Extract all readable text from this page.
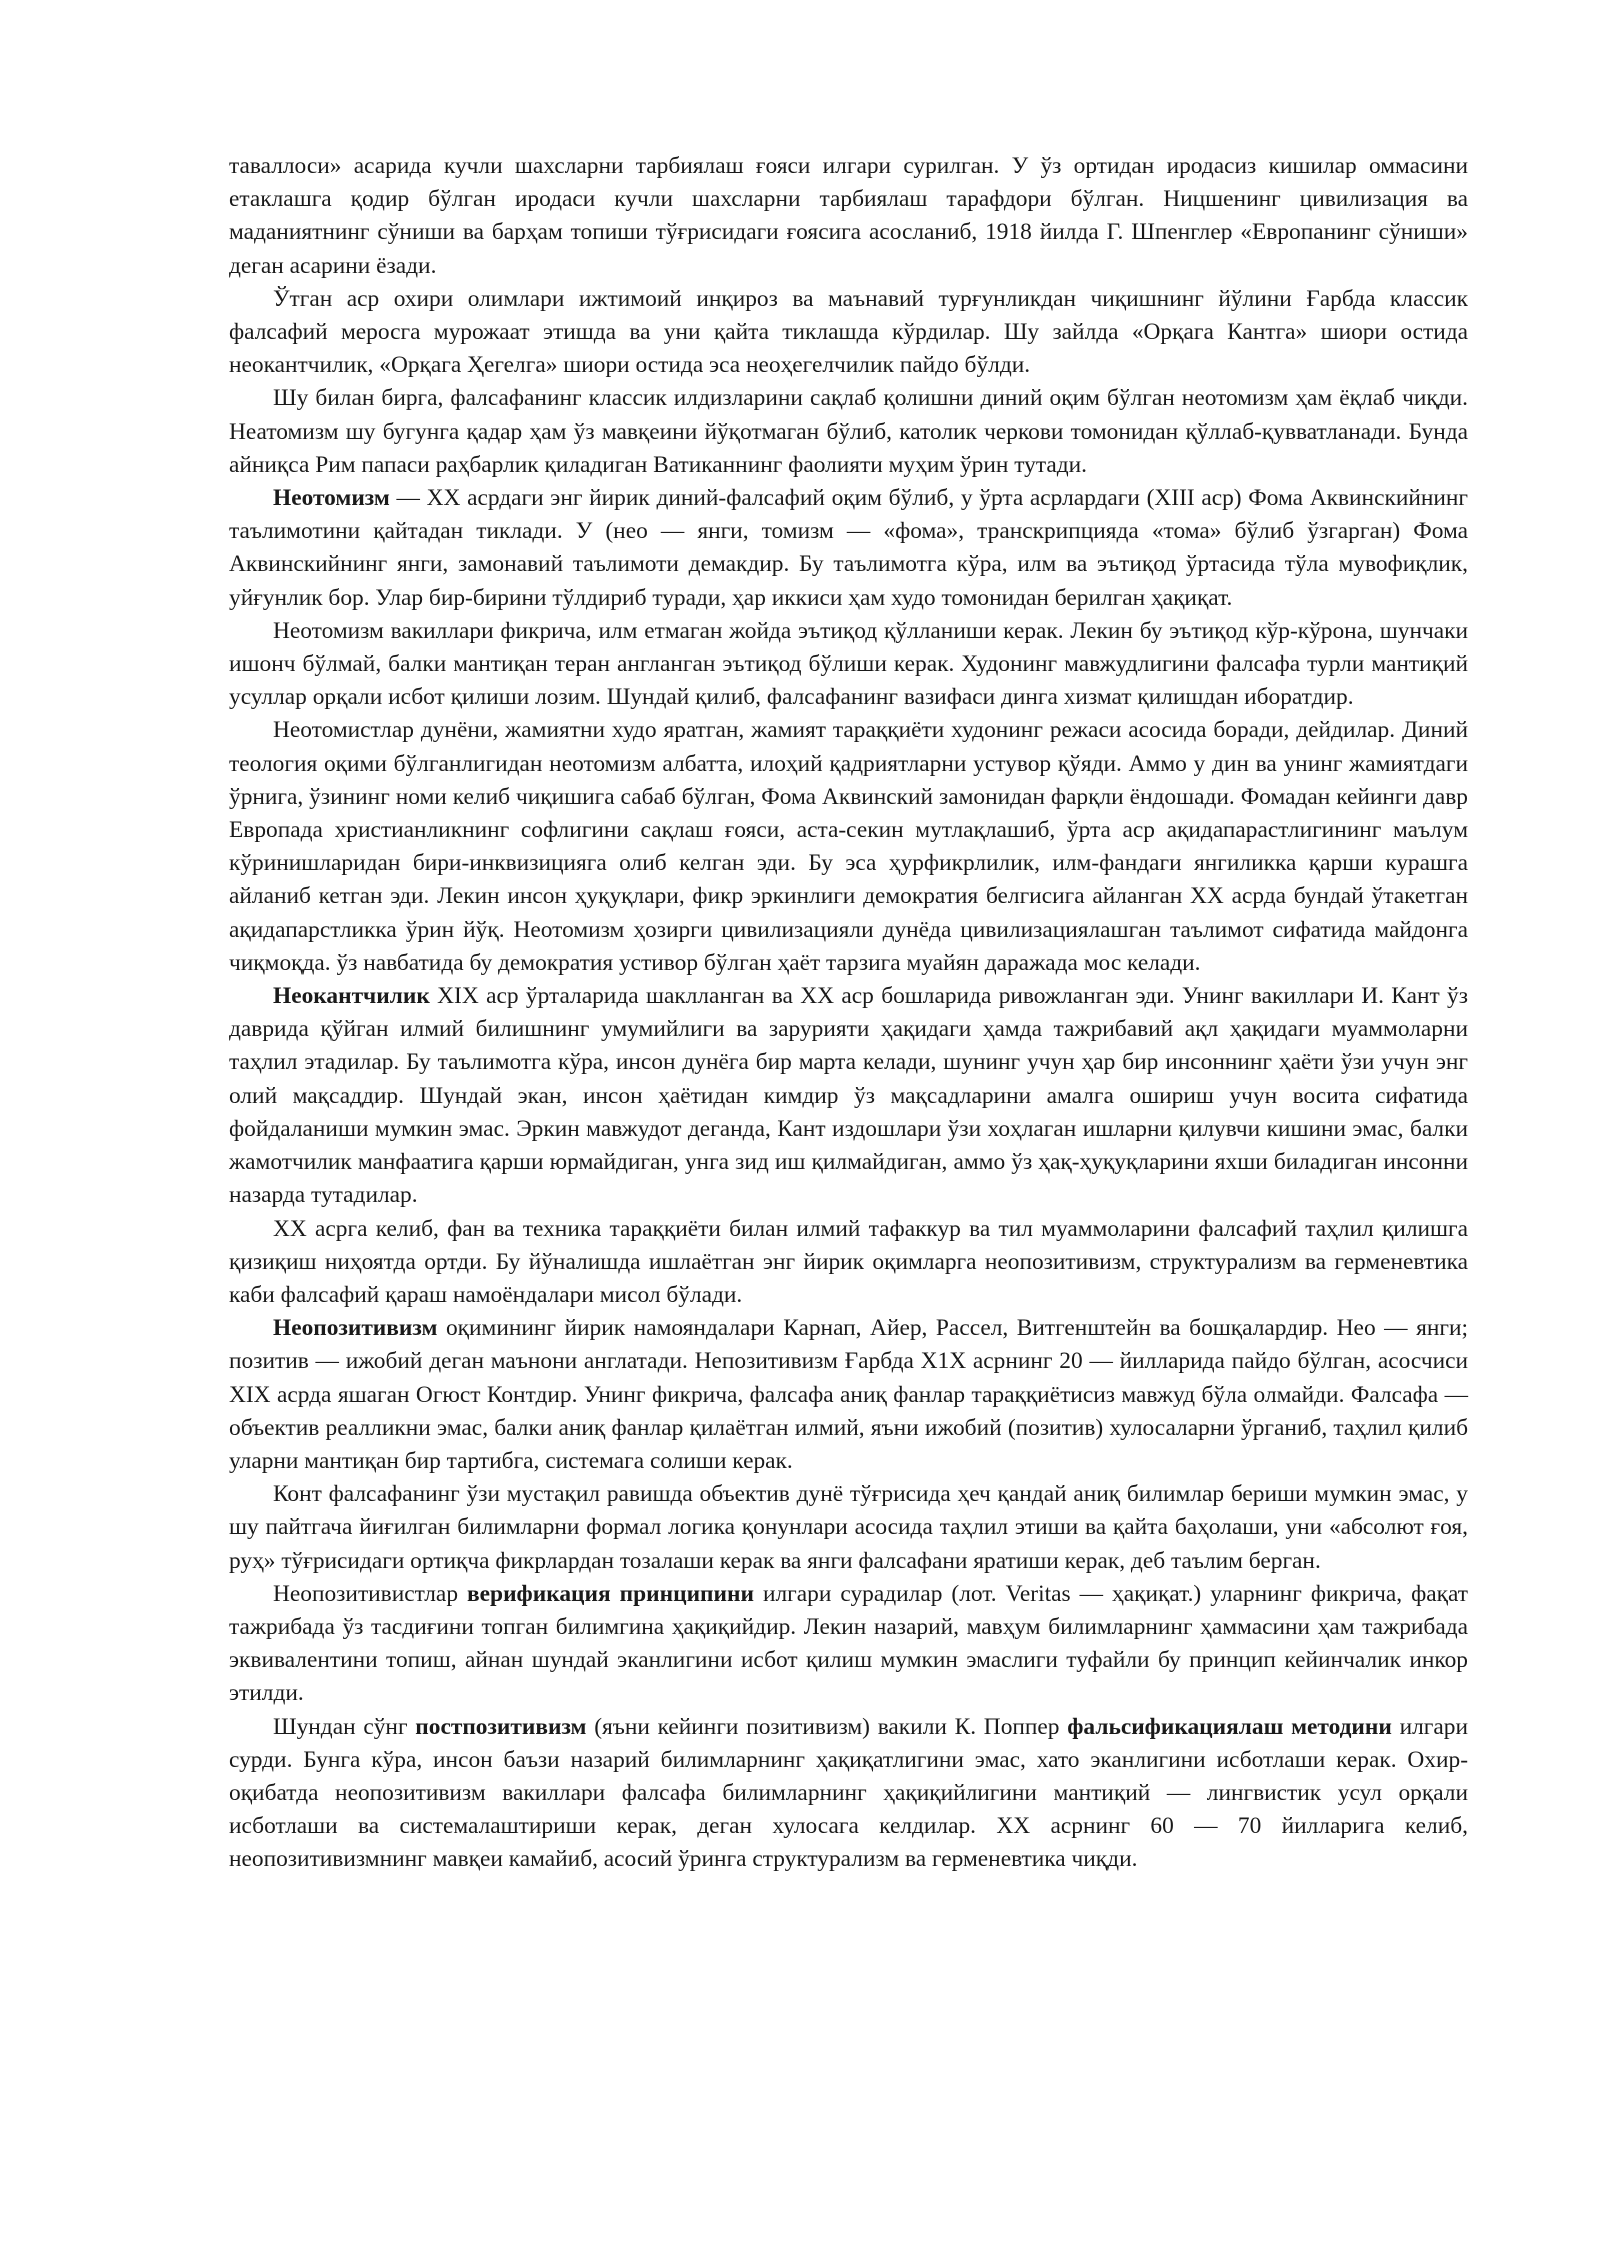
таваллоси» асарида кучли шахсларни тарбиялаш ғояси илгари сурилган. У ўз ортидан иродасиз кишилар оммасини етаклашга қодир бўлган иродаси кучли шахсларни тарбиялаш тарафдори бўлган. Ницшенинг цивилизация ва маданиятнинг сўниши ва барҳам топиши тўғрисидаги ғоясига асосланиб, 1918 йилда Г. Шпенглер «Европанинг сўниши» деган асарини ёзади.

Ўтган аср охири олимлари ижтимоий инқироз ва маънавий турғунликдан чиқишнинг йўлини Ғарбда классик фалсафий меросга мурожаат этишда ва уни қайта тиклашда кўрдилар. Шу зайлда «Орқага Кантга» шиори остида неокантчилик, «Орқага Ҳегелга» шиори остида эса неоҳегелчилик пайдо бўлди.

Шу билан бирга, фалсафанинг классик илдизларини сақлаб қолишни диний оқим бўлган неотомизм ҳам ёқлаб чиқди. Неатомизм шу бугунга қадар ҳам ўз мавқеини йўқотмаган бўлиб, католик черкови томонидан қўллаб-қувватланади. Бунда айниқса Рим папаси раҳбарлик қиладиган Ватиканнинг фаолияти муҳим ўрин тутади.

Неотомизм — ХХ асрдаги энг йирик диний-фалсафий оқим бўлиб, у ўрта асрлардаги (XIII аср) Фома Аквинскийнинг таълимотини қайтадан тиклади. У (нео — янги, томизм — «фома», транскрипцияда «тома» бўлиб ўзгарган) Фома Аквинскийнинг янги, замонавий таълимоти демакдир. Бу таълимотга кўра, илм ва эътиқод ўртасида тўла мувофиқлик, уйғунлик бор. Улар бир-бирини тўлдириб туради, ҳар иккиси ҳам худо томонидан берилган ҳақиқат.

Неотомизм вакиллари фикрича, илм етмаган жойда эътиқод қўлланиши керак. Лекин бу эътиқод кўр-кўрона, шунчаки ишонч бўлмай, балки мантиқан теран англанган эътиқод бўлиши керак. Худонинг мавжудлигини фалсафа турли мантиқий усуллар орқали исбот қилиши лозим. Шундай қилиб, фалсафанинг вазифаси динга хизмат қилишдан иборатдир.

Неотомистлар дунёни, жамиятни худо яратган, жамият тараққиёти худонинг режаси асосида боради, дейдилар. Диний теология оқими бўлганлигидан неотомизм албатта, илоҳий қадриятларни устувор қўяди. Аммо у дин ва унинг жамиятдаги ўрнига, ўзининг номи келиб чиқишига сабаб бўлган, Фома Аквинский замонидан фарқли ёндошади. Фомадан кейинги давр Европада христианликнинг софлигини сақлаш ғояси, аста-секин мутлақлашиб, ўрта аср ақидапарастлигининг маълум кўринишларидан бири-инквизицияга олиб келган эди. Бу эса ҳурфикрлилик, илм-фандаги янгиликка қарши курашга айланиб кетган эди. Лекин инсон ҳуқуқлари, фикр эркинлиги демократия белгисига айланган ХХ асрда бундай ўтакетган ақидапарстликка ўрин йўқ. Неотомизм ҳозирги цивилизацияли дунёда цивилизациялашган таълимот сифатида майдонга чиқмоқда. ўз навбатида бу демократия устивор бўлган ҳаёт тарзига муайян даражада мос келади.

Неокантчилик XIX аср ўрталарида шаклланган ва ХХ аср бошларида ривожланган эди. Унинг вакиллари И. Кант ўз даврида қўйган илмий билишнинг умумийлиги ва зарурияти ҳақидаги ҳамда тажрибавий ақл ҳақидаги муаммоларни таҳлил этадилар. Бу таълимотга кўра, инсон дунёга бир марта келади, шунинг учун ҳар бир инсоннинг ҳаёти ўзи учун энг олий мақсаддир. Шундай экан, инсон ҳаётидан кимдир ўз мақсадларини амалга ошириш учун восита сифатида фойдаланиши мумкин эмас. Эркин мавжудот деганда, Кант издошлари ўзи хоҳлаган ишларни қилувчи кишини эмас, балки жамотчилик манфаатига қарши юрмайдиган, унга зид иш қилмайдиган, аммо ўз ҳақ-ҳуқуқларини яхши биладиган инсонни назарда тутадилар.

ХХ асрга келиб, фан ва техника тараққиёти билан илмий тафаккур ва тил муаммоларини фалсафий таҳлил қилишга қизиқиш ниҳоятда ортди. Бу йўналишда ишлаётган энг йирик оқимларга неопозитивизм, структурализм ва герменевтика каби фалсафий қараш намоёндалари мисол бўлади.

Неопозитивизм оқимининг йирик намояндалари Карнап, Айер, Рассел, Витгенштейн ва бошқалардир. Нео — янги; позитив — ижобий деган маънони англатади. Непозитивизм Ғарбда Х1Х асрнинг 20 — йилларида пайдо бўлган, асосчиси XIX асрда яшаган Огюст Контдир. Унинг фикрича, фалсафа аниқ фанлар тараққиётисиз мавжуд бўла олмайди. Фалсафа — объектив реалликни эмас, балки аниқ фанлар қилаётган илмий, яъни ижобий (позитив) хулосаларни ўрганиб, таҳлил қилиб уларни мантиқан бир тартибга, системага солиши керак.

Конт фалсафанинг ўзи мустақил равишда объектив дунё тўғрисида ҳеч қандай аниқ билимлар бериши мумкин эмас, у шу пайтгача йиғилган билимларни формал логика қонунлари асосида таҳлил этиши ва қайта баҳолаши, уни «абсолют ғоя, руҳ» тўғрисидаги ортиқча фикрлардан тозалаши керак ва янги фалсафани яратиши керак, деб таълим берган.

Неопозитивистлар верификация принципини илгари сурадилар (лот. Veritas — ҳақиқат.) уларнинг фикрича, фақат тажрибада ўз тасдиғини топган билимгина ҳақиқийдир. Лекин назарий, мавҳум билимларнинг ҳаммасини ҳам тажрибада эквивалентини топиш, айнан шундай эканлигини исбот қилиш мумкин эмаслиги туфайли бу принцип кейинчалик инкор этилди.

Шундан сўнг постпозитивизм (яъни кейинги позитивизм) вакили К. Поппер фальсификациялаш методини илгари сурди. Бунга кўра, инсон баъзи назарий билимларнинг ҳақиқатлигини эмас, хато эканлигини исботлаши керак. Охир-оқибатда неопозитивизм вакиллари фалсафа билимларнинг ҳақиқийлигини мантиқий — лингвистик усул орқали исботлаши ва системалаштириши керак, деган хулосага келдилар. ХХ асрнинг 60 — 70 йилларига келиб, неопозитивизмнинг мавқеи камайиб, асосий ўринга структурализм ва герменевтика чиқди.
